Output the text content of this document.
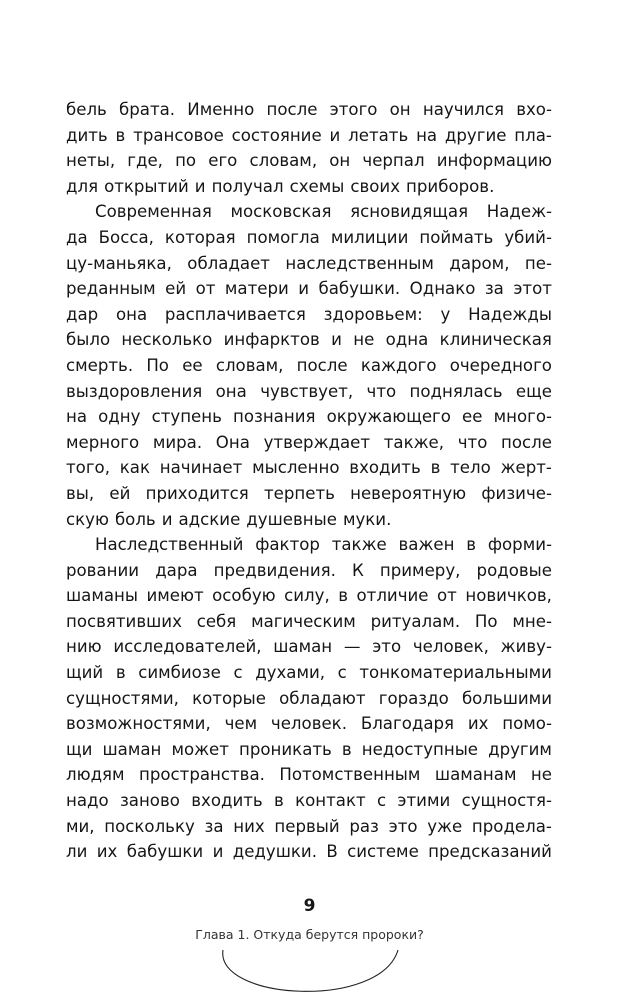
бель брата. Именно после этого он научился вхо-
дить в трансовое состояние и летать на другие пла-
неты, где, по его словам, он черпал информацию
для открытий и получал схемы своих приборов.
Современная московская ясновидящая Надеж-
да Босса, которая помогла милиции поймать убий-
цу-маньяка, обладает наследственным даром, пе-
реданным ей от матери и бабушки. Однако за этот
дар она расплачивается здоровьем: у Надежды
было несколько инфарктов и не одна клиническая
смерть. По ее словам, после каждого очередного
выздоровления она чувствует, что поднялась еще
на одну ступень познания окружающего ее много-
мерного мира. Она утверждает также, что после
того, как начинает мысленно входить в тело жерт-
вы, ей приходится терпеть невероятную физиче-
скую боль и адские душевные муки.
Наследственный фактор также важен в форми-
ровании дара предвидения. К примеру, родовые
шаманы имеют особую силу, в отличие от новичков,
посвятивших себя магическим ритуалам. По мне-
нию исследователей, шаман — это человек, живу-
щий в симбиозе с духами, с тонкоматериальными
сущностями, которые обладают гораздо большими
возможностями, чем человек. Благодаря их помо-
щи шаман может проникать в недоступные другим
людям пространства. Потомственным шаманам не
надо заново входить в контакт с этими сущностя-
ми, поскольку за них первый раз это уже продела-
ли их бабушки и дедушки. В системе предсказаний
9
Глава 1. Откуда берутся пророки?
